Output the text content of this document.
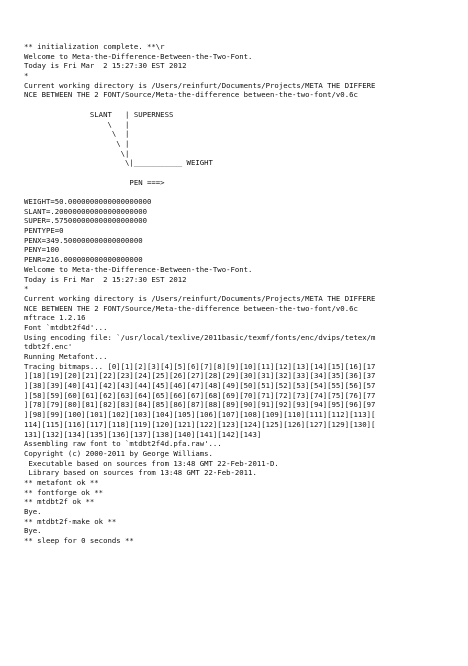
** initialization complete. **\r
Welcome to Meta-the-Difference-Between-the-Two-Font.
Today is Fri Mar  2 15:27:30 EST 2012
*
Current working directory is /Users/reinfurt/Documents/Projects/META THE DIFFERE
NCE BETWEEN THE 2 FONT/Source/Meta-the-difference between-the-two-font/v0.6c
SLANT   | SUPERNESS
\   |
\  |
\ |
\|
\|___________ WEIGHT
PEN ===>
WEIGHT=50.0000000000000000000
SLANT=.200000000000000000000
SUPER=.575000000000000000000
PENTYPE=0
PENX=349.500000000000000000
PENY=100
PENR=216.000000000000000000
Welcome to Meta-the-Difference-Between-the-Two-Font.
Today is Fri Mar  2 15:27:30 EST 2012
*
Current working directory is /Users/reinfurt/Documents/Projects/META THE DIFFERE
NCE BETWEEN THE 2 FONT/Source/Meta-the-difference between-the-two-font/v0.6c
mftrace 1.2.16
Font `mtdbt2f4d'...
Using encoding file: `/usr/local/texlive/2011basic/texmf/fonts/enc/dvips/tetex/m
tdbt2f.enc'
Running Metafont...
Tracing bitmaps... [0][1][2][3][4][5][6][7][8][9][10][11][12][13][14][15][16][17
][18][19][20][21][22][23][24][25][26][27][28][29][30][31][32][33][34][35][36][37
][38][39][40][41][42][43][44][45][46][47][48][49][50][51][52][53][54][55][56][57
][58][59][60][61][62][63][64][65][66][67][68][69][70][71][72][73][74][75][76][77
][78][79][80][81][82][83][84][85][86][87][88][89][90][91][92][93][94][95][96][97
][98][99][100][101][102][103][104][105][106][107][108][109][110][111][112][113][
114][115][116][117][118][119][120][121][122][123][124][125][126][127][129][130][
131][132][134][135][136][137][138][140][141][142][143]
Assembling raw font to `mtdbt2f4d.pfa.raw'...
Copyright (c) 2000-2011 by George Williams.
Executable based on sources from 13:48 GMT 22-Feb-2011-D.
Library based on sources from 13:48 GMT 22-Feb-2011.
** metafont ok **
** fontforge ok **
** mtdbt2f ok **
Bye.
** mtdbt2f-make ok **
Bye.
** sleep for 0 seconds **
